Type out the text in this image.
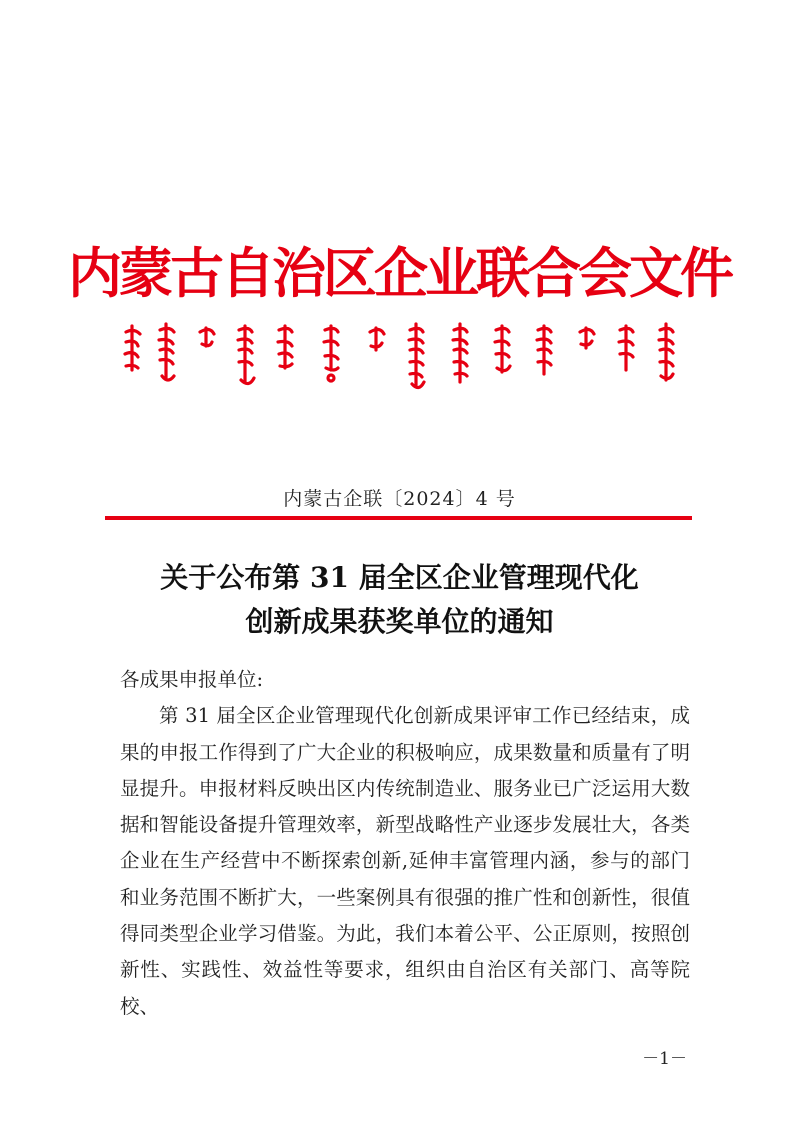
内蒙古自治区企业联合会文件
内蒙古企联〔2024〕4 号
关于公布第 31 届全区企业管理现代化
创新成果获奖单位的通知

各成果申报单位:

第 31 届全区企业管理现代化创新成果评审工作已经结束，成果的申报工作得到了广大企业的积极响应，成果数量和质量有了明显提升。申报材料反映出区内传统制造业、服务业已广泛运用大数据和智能设备提升管理效率，新型战略性产业逐步发展壮大，各类企业在生产经营中不断探索创新,延伸丰富管理内涵，参与的部门和业务范围不断扩大，一些案例具有很强的推广性和创新性，很值得同类型企业学习借鉴。为此，我们本着公平、公正原则，按照创新性、实践性、效益性等要求，组织由自治区有关部门、高等院校、

－1－
